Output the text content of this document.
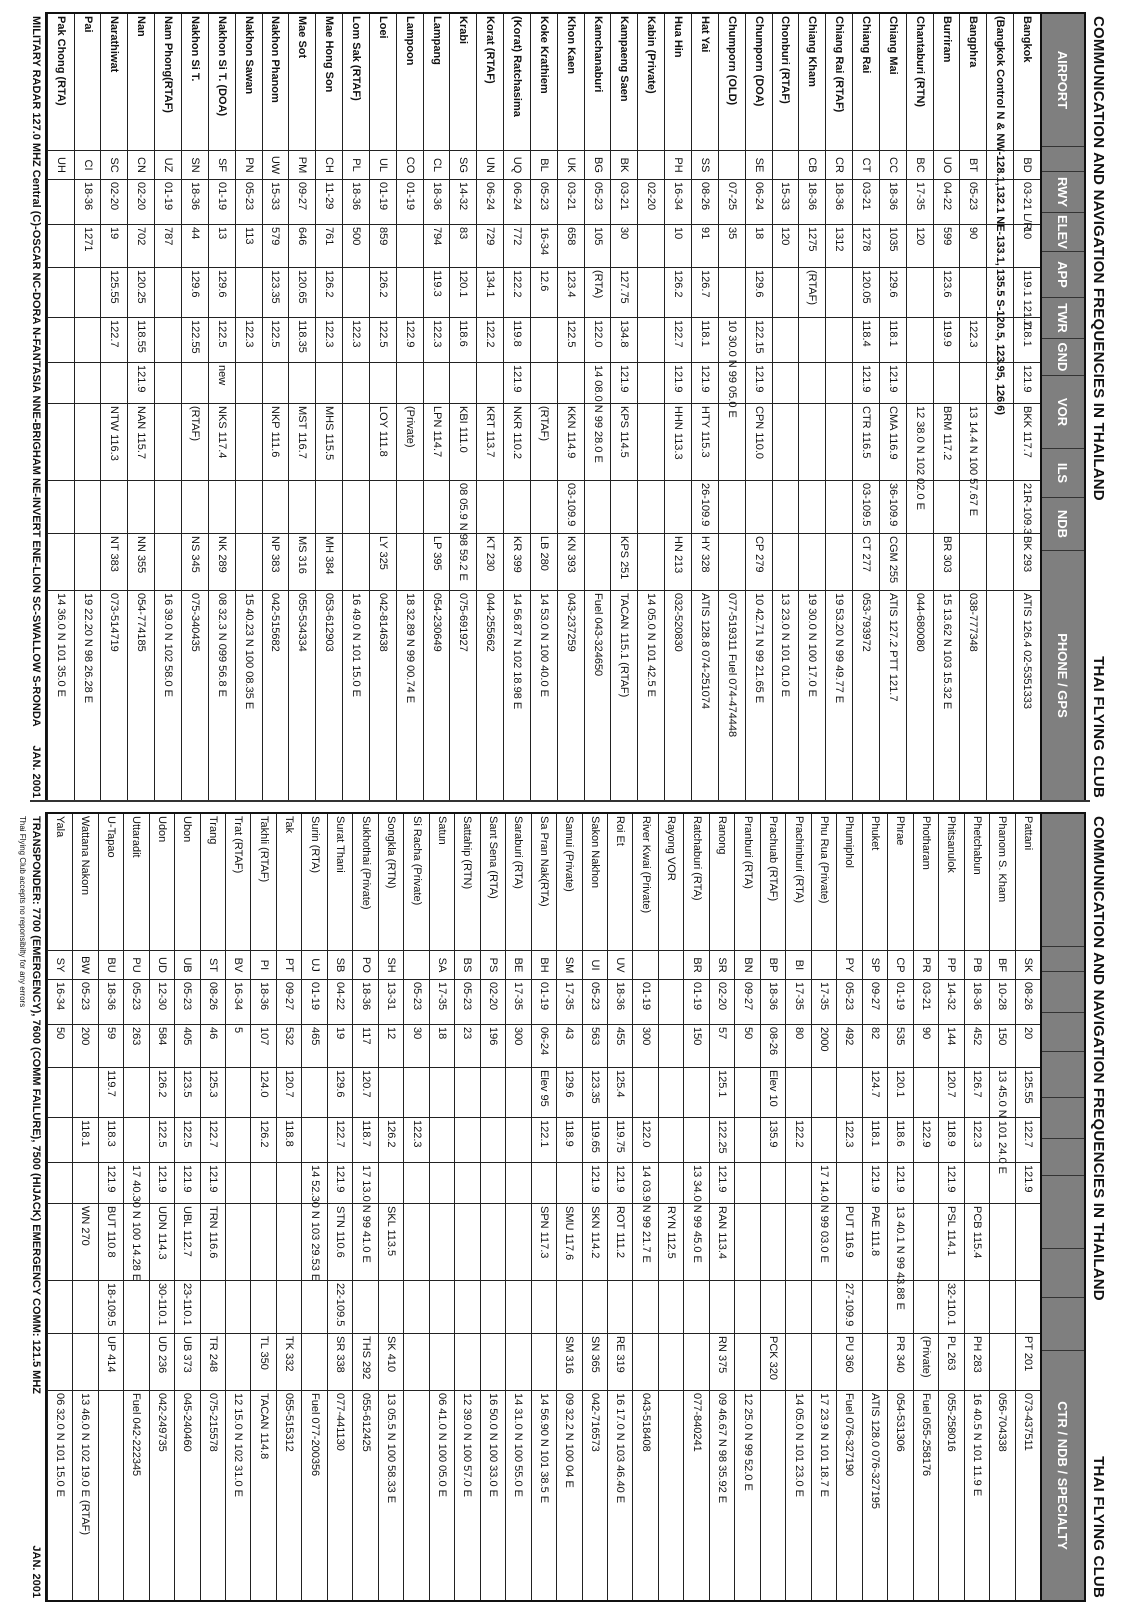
COMMUNICATION AND NAVIGATION FREQUENCIES IN THAILAND
THAI FLYING CLUB
AIRPORT
RWY
ELEV
APP
TWR
GND
VOR
ILS
NDB
PHONE / GPS
Bangkok
BD
03-21 L/R
10
119.1 121.7
118.1
121.9
BKK 117.7
21R-109.3
BK 293
ATIS 126.4 02-5351333
(Bangkok Control N & NW-128.1,132.1 NE-133.1, 135.5 S-120.5, 123.95, 126.6)
Bangphra
BT
05-23
90
122.3
13 14.4 N 100 57.67 E
038-777348
Burriram
UO
04-22
599
123.6
119.9
BRM 117.2
BR 303
15 13.62 N 103 15.32 E
Chantaburi (RTN)
BC
17-35
120
12 38.0 N 102 02.0 E
044-680080
Chiang Mai
CC
18-36
1035
129.6
118.1
121.9
CMA 116.9
36-109.9
CGM 255
ATIS 127.2 PTT 121.7
Chiang Rai
CT
03-21
1278
120.05
118.4
121.9
CTR 116.5
03-109.5
CT 277
053-793972
Chiang Rai (RTAF)
CR
18-36
1312
19 53.20 N 99 49.77 E
Chiang Kham
CB
18-36
1275
(RTAF)
19 30.0 N 100 17.0 E
Chonburi (RTAF)
15-33
120
13 23.0 N 101 01.0 E
Chumporn (DOA)
SE
06-24
18
129.6
122.15
121.9
CPN 110.0
CP 279
10 42.71 N 99 21.65 E
Chumporn (OLD)
07-25
35
10 30.0 N 99 05.0 E
077-519311 Fuel 074-474448
Hat Yai
SS
08-26
91
126.7
118.1
121.9
HTY 115.3
26-109.9
HY 328
ATIS 128.8 074-251074
Hua Hin
PH
16-34
10
126.2
122.7
121.9
HHN 113.3
HN 213
032-520830
Kabin (Private)
02-20
14 05.0 N 101 42.5 E
Kampaeng Saen
BK
03-21
30
127.75
134.8
121.9
KPS 114.5
KPS 251
TACAN 115.1 (RTAF)
Kamchanaburi
BG
05-23
105
(RTA)
122.0
14 08.0 N 99 28.0 E
Fuel 043-324650
Khon Kaen
UK
03-21
658
123.4
122.5
KKN 114.9
03-109.9
KN 393
043-237259
Koke Krathiem
BL
05-23
16-34
12.6
(RTAF)
LB 280
14 53.0 N 100 40.0 E
(Korat) Ratchasima
UQ
06-24
772
122.2
119.8
121.9
NKR 110.2
KR 399
14 56.87 N 102 18.98 E
Korat (RTAF)
UN
06-24
729
134.1
122.2
KRT 113.7
KT 230
044-255662
Krabi
SG
14-32
83
120.1
118.6
KBI 111.0
08 05.9 N 98 59.2 E
075-691927
Lampang
CL
18-36
794
119.3
122.3
LPN 114.7
LP 395
054-230649
Lampoon
CO
01-19
122.9
(Private)
18 32.89 N 99 00.74 E
Loei
UL
01-19
859
126.2
122.5
LOY 111.8
LY 325
042-814638
Lom Sak (RTAF)
PL
18-36
500
122.3
16 49.0 N 101 15.0 E
Mae Hong Son
CH
11-29
761
126.2
122.3
MHS 115.5
MH 384
053-612903
Mae Sot
PM
09-27
646
120.65
118.35
MST 116.7
MS 316
055-534334
Nakhon Phanom
UW
15-33
579
123.35
122.5
NKP 111.6
NP 383
042-515682
Nakhon Sawan
PN
05-23
113
122.3
15 40.23 N 100 08.35 E
Nakhon Si T. (DOA)
SF
01-19
13
129.6
122.5
new
NKS 117.4
NK 289
08 32.3 N 099 56.8 E
Nakhon Si T.
SN
18-36
44
129.6
122.55
(RTAF)
NS 345
075-340435
Nam Phong(RTAF)
UZ
01-19
787
16 39.0 N 102 58.0 E
Nan
CN
02-20
702
120.25
118.55
121.9
NAN 115.7
NN 355
054-774185
Narathiwat
SC
02-20
19
125.55
122.7
NTW 116.3
NT 383
073-514719
Pai
CI
18-36
1271
19 22.20 N 98 26.28 E
Pak Chong (RTA)
UH
14 36.0 N 101 35.0 E
MILITARY RADAR 127.0 MHZ Central (C)-OSCAR NC-DORA N-FANTASIA NNE-BRIGHAM NE-INVERT ENE-LION SC-SWALLOW S-RONDA
JAN. 2001
COMMUNICATION AND NAVIGATION FREQUENCIES IN THAILAND
THAI FLYING CLUB
CTR / NDB / SPECIALTY
Pattani
SK
08-26
20
125.55
122.7
121.9
PT 201
073-437511
Phanom S. Kham
BF
10-28
150
13 45.0 N 101 24.0 E
056-704338
Phetchabun
PB
18-36
452
126.7
122.3
PCB 115.4
PH 283
16 40.5 N 101 11.9 E
Phitsanulok
PP
14-32
144
120.7
118.9
121.9
PSL 114.1
32-110.1
PL 263
055-258016
Photharam
PR
03-21
90
122.9
(Private)
Fuel 055-258176
Phrae
CP
01-19
535
120.1
118.6
121.9
13 40.1 N 99 43.88 E
PR 340
054-531306
Phuket
SP
09-27
82
124.7
118.1
121.9
PAE 111.8
ATIS 128.0 076-327195
Phumiphol
PY
05-23
492
122.3
PUT 116.9
27-109.9
PU 360
Fuel 076-327190
Phu Rua (Private)
17-35
2000
17 14.0 N 99 03.0 E
17 23.9 N 101 18.7 E
Prachinburi (RTA)
BI
17-35
80
122.2
14 05.0 N 101 23.0 E
Prachuab (RTAF)
BP
18-36
08-26
Elev 10
135.9
PCK 320
Pranburi (RTA)
BN
09-27
50
12 25.0 N 99 52.0 E
Ranong
SR
02-20
57
125.1
122.25
121.9
RAN 113.4
RN 375
09 46.67 N 98 35.92 E
Ratchaburi (RTA)
BR
01-19
150
13 34.0 N 99 45.0 E
077-840241
Rayong VOR
RYN 112.5
River Kwai (Private)
01-19
300
122.0
14 03.9 N 99 21.7 E
043-518408
Roi Et
UV
18-36
455
125.4
119.75
121.9
ROT 111.2
RE 319
16 17.0 N 103 46.40 E
Sakon Nakhon
UI
05-23
563
123.35
119.65
121.9
SKN 114.2
SN 365
042-716573
Samui (Private)
SM
17-35
43
129.6
118.9
SMU 117.6
SM 316
09 32.2 N 100 04 E
Sa Pran Nak(RTA)
BH
01-19
06-24
Elev 95
122.1
SPN 117.3
14 56.90 N 101 38.5 E
Saraburi (RTA)
BE
17-35
300
14 31.0 N 100 55.0 E
Sant Sena (RTA)
PS
02-20
196
16 50.0 N 100 33.0 E
Sattahip (RTN)
BS
05-23
23
12 39.0 N 100 57.0 E
Satun
SA
17-35
18
06 41.0 N 100 05.0 E
Si Racha (Private)
05-23
30
122.3
Songkla (RTN)
SH
13-31
12
126.2
SKL 113.5
SK 410
13 05.5 N 100 58.33 E
Sukhothai (Private)
PO
18-36
117
120.7
118.7
17 13.0 N 99 41.0 E
THS 292
055-612425
Surat Thani
SB
04-22
19
129.6
122.7
121.9
STN 110.6
22-109.5
SR 338
077-441130
Surin (RTA)
UJ
01-19
465
14 52.30 N 103 29.53 E
Fuel 077-200356
Tak
PT
09-27
532
120.7
118.8
TK 332
055-515312
Takhli (RTAF)
PI
18-36
107
124.0
126.2
TL 350
TACAN 114.8
Trat (RTAF)
BV
16-34
5
12 15.0 N 102 31.0 E
Trang
ST
08-26
46
125.3
122.7
121.9
TRN 116.6
TR 248
075-215578
Ubon
UB
05-23
405
123.5
122.5
121.9
UBL 112.7
23-110.1
UB 373
045-240460
Udon
UD
12-30
584
126.2
122.5
121.9
UDN 114.3
30-110.1
UD 236
042-249735
Uttaradit
PU
05-23
263
17 40.30 N 100 14.28 E
Fuel 042-222345
U-Tapao
BU
18-36
59
119.7
118.3
121.9
BUT 110.8
18-109.5
UP 414
Wattana Nakorn
BW
05-23
200
118.1
WN 270
13 46.0 N 102 19.0 E (RTAF)
Yala
SY
16-34
50
06 32.0 N 101 15.0 E
TRANSPONDER: 7700 (EMERGENCY), 7600 (COMM FAILURE), 7500 (HIJACK) EMERGENCY COMM: 121.5 MHZ
Thai Flying Club accepts no reponsibilty for any errors
JAN. 2001
